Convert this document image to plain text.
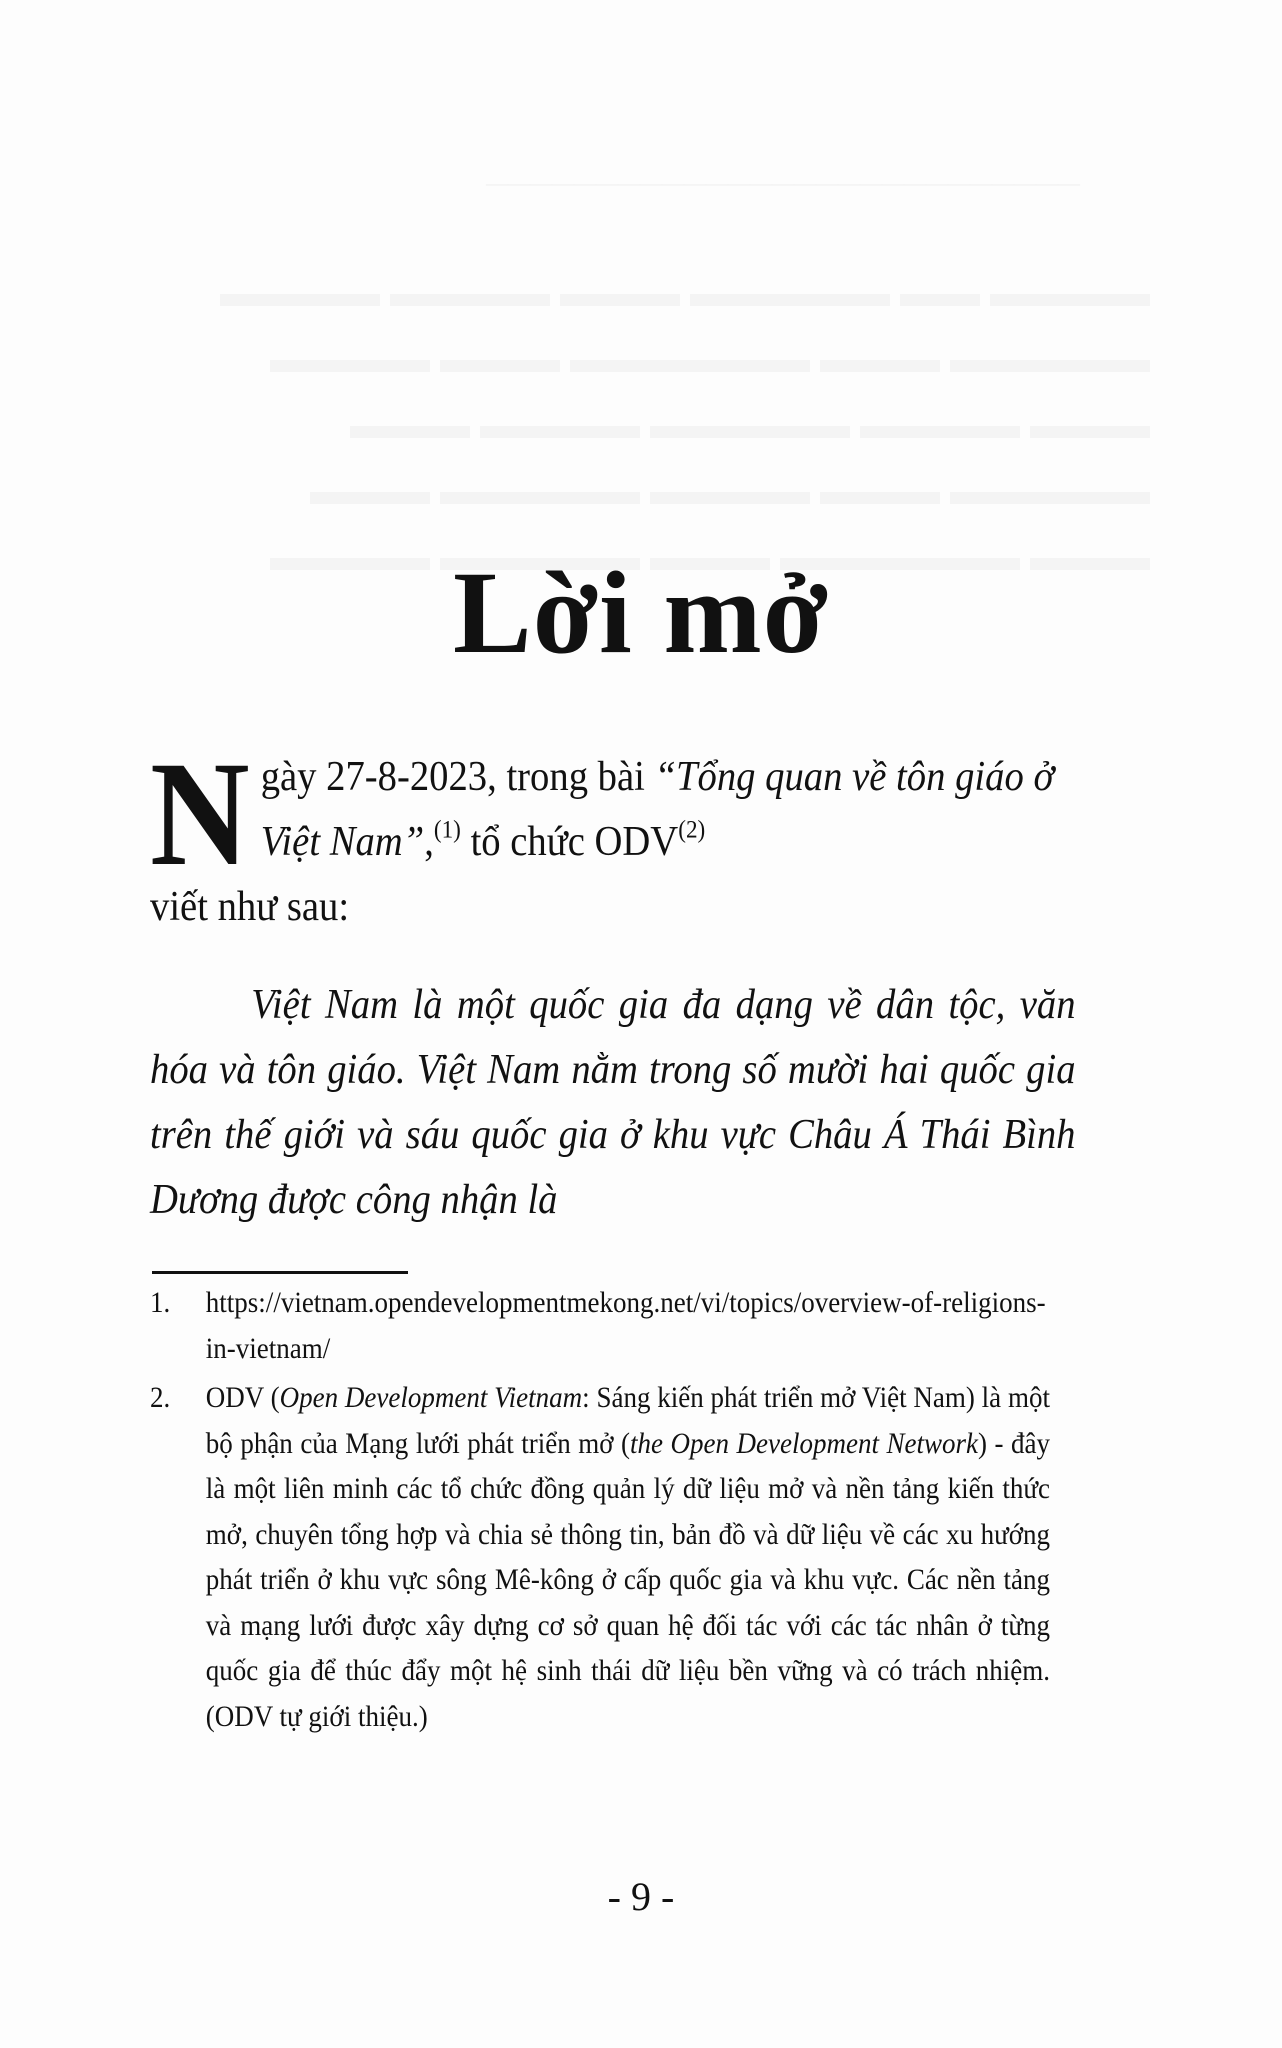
———————————————————————————

Lời mở
N gày 27-8-2023, trong bài “Tổng quan về tôn giáo ở Việt Nam”,$^{(1)}$ tổ chức ODV$^{(2)}$
viết như sau:

Việt Nam là một quốc gia đa dạng về dân tộc, văn hóa và tôn giáo. Việt Nam nằm trong số mười hai quốc gia trên thế giới và sáu quốc gia ở khu vực Châu Á Thái Bình Dương được công nhận là

1.	https://vietnam.opendevelopmentmekong.net/vi/topics/overview-of-religions-in-vietnam/
2.	ODV (Open Development Vietnam: Sáng kiến phát triển mở Việt Nam) là một bộ phận của Mạng lưới phát triển mở (the Open Development Network) - đây là một liên minh các tổ chức đồng quản lý dữ liệu mở và nền tảng kiến thức mở, chuyên tổng hợp và chia sẻ thông tin, bản đồ và dữ liệu về các xu hướng phát triển ở khu vực sông Mê-kông ở cấp quốc gia và khu vực. Các nền tảng và mạng lưới được xây dựng cơ sở quan hệ đối tác với các tác nhân ở từng quốc gia để thúc đẩy một hệ sinh thái dữ liệu bền vững và có trách nhiệm. (ODV tự giới thiệu.)
- 9 -
